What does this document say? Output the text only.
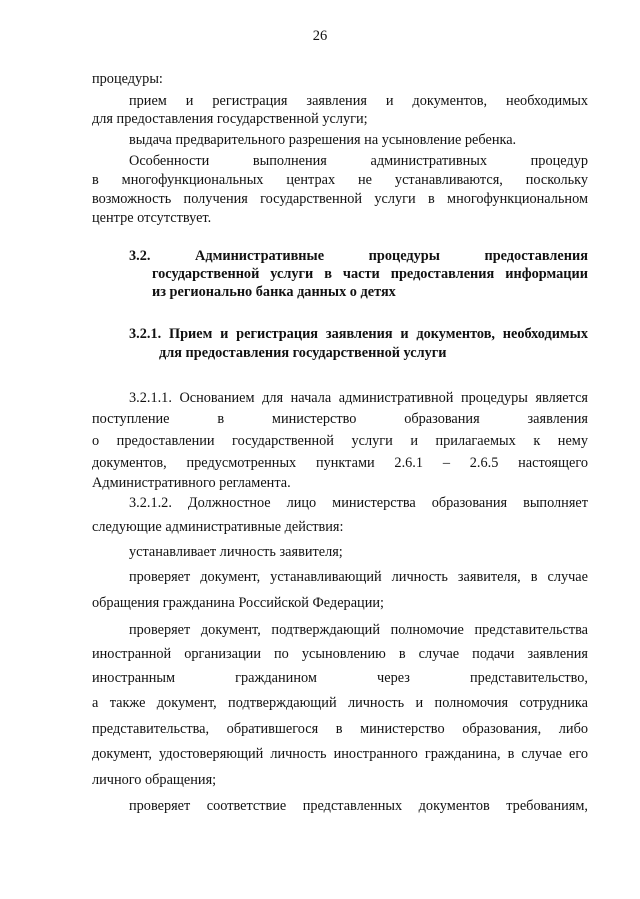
26
процедуры:
прием и регистрация заявления и документов, необходимых
для предоставления государственной услуги;
выдача предварительного разрешения на усыновление ребенка.
Особенности выполнения административных процедур
в многофункциональных центрах не устанавливаются, поскольку
возможность получения государственной услуги в многофункциональном
центре отсутствует.
3.2. Административные процедуры предоставления
государственной услуги в части предоставления информации
из регионально банка данных о детях
3.2.1. Прием и регистрация заявления и документов, необходимых
для предоставления государственной услуги
3.2.1.1. Основанием для начала административной процедуры является
поступление в министерство образования заявления
о предоставлении государственной услуги и прилагаемых к нему
документов, предусмотренных пунктами 2.6.1 – 2.6.5 настоящего
Административного регламента.
3.2.1.2. Должностное лицо министерства образования выполняет
следующие административные действия:
устанавливает личность заявителя;
проверяет документ, устанавливающий личность заявителя, в случае
обращения гражданина Российской Федерации;
проверяет документ, подтверждающий полномочие представительства
иностранной организации по усыновлению в случае подачи заявления
иностранным гражданином через представительство,
а также документ, подтверждающий личность и полномочия сотрудника
представительства, обратившегося в министерство образования, либо
документ, удостоверяющий личность иностранного гражданина, в случае его
личного обращения;
проверяет соответствие представленных документов требованиям,
